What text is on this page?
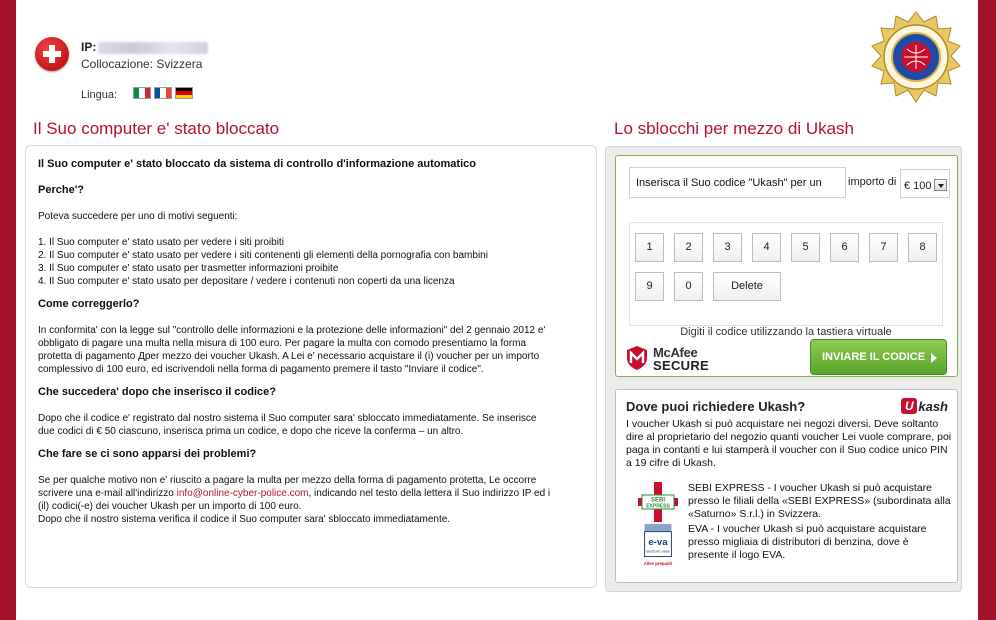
IP:
Collocazione: Svizzera
Lingua:
Il Suo computer e' stato bloccato	Lo sblocchi per mezzo di Ukash

Il Suo computer e' stato bloccato da sistema di controllo d'informazione automatico

Perche'?

Poteva succedere per uno di motivi seguenti:

1. Il Suo computer e' stato usato per vedere i siti proibiti

2. Il Suo computer e' stato usato per vedere i siti contenenti gli elementi della pornografia con bambini

3. Il Suo computer e' stato usato per trasmetter informazioni proibite

4. Il Suo computer e' stato usato per depositare / vedere i contenuti non coperti da una licenza

Come correggerlo?

In conformita' con la legge sul "controllo delle informazioni e la protezione delle informazioni" del 2 gennaio 2012 e'

obbligato di pagare una multa nella misura di 100 euro. Per pagare la multa con comodo presentiamo la forma

protetta di pagamento Дper mezzo dei voucher Ukash. A Lei e' necessario acquistare il (i) voucher per un importo

complessivo di 100 euro, ed iscrivendoli nella forma di pagamento premere il tasto "Inviare il codice".

Che succedera' dopo che inserisco il codice?

Dopo che il codice e' registrato dal nostro sistema il Suo computer sara' sbloccato immediatamente. Se inserisce

due codici di € 50 ciascuno, inserisca prima un codice, e dopo che riceve la conferma – un altro.

Che fare se ci sono apparsi dei problemi?

Se per qualche motivo non e' riuscito a pagare la multa per mezzo della forma di pagamento protetta, Le occorre

scrivere una e-mail all'indirizzo info@online-cyber-police.com, indicando nel testo della lettera il Suo indirizzo IP ed i

(il) codici(-e) dei voucher Ukash per un importo di 100 euro.

Dopo che il nostro sistema verifica il codice il Suo computer sara' sbloccato immediatamente.

Inserisca il Suo codice "Ukash" per un
importo di € 100
1	2	3	4	5	6	7	8
9	0	Delete
Digiti il codice utilizzando la tastiera virtuale
McAfee
SECURE
INVIARE IL CODICE
Dove puoi richiedere Ukash?	U kash
I voucher Ukash si può acquistare nei negozi diversi. Deve soltanto dire al proprietario del negozio quanti voucher Lei vuole comprare, poi paga in contanti e lui stamperà il voucher con il Suo codice unico PIN a 19 cifre di Ukash.
SEBI
EXPRESS
SEBI EXPRESS - I voucher Ukash si può acquistare presso le filiali della «SEBI EXPRESS» (subordinata alla «Saturno» S.r.l.) in Svizzera.
e-va
electronic value
Alles prepaid!
EVA - I voucher Ukash si può acquistare acquistare presso migliaia di distributori di benzina, dove è presente il logo EVA.
